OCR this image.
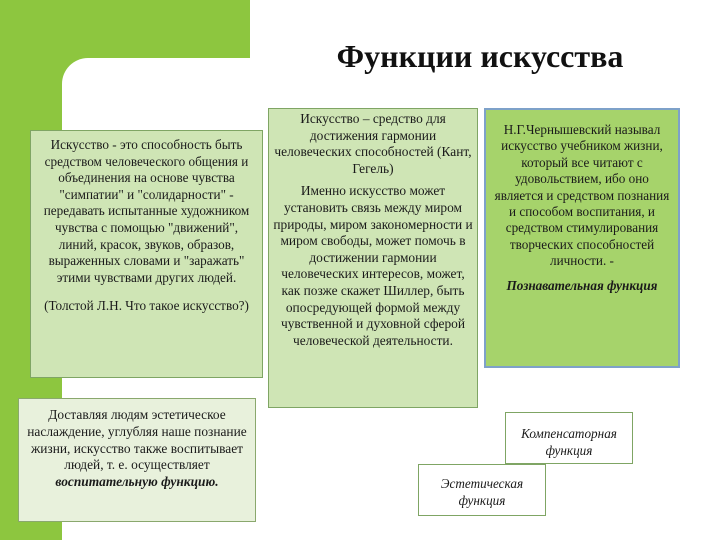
Функции искусства

Искусство - это способность быть средством человеческого общения и объединения на основе чувства "симпатии" и "солидарности" - передавать испытанные художником чувства с помощью "движений", линий, красок, звуков, образов, выраженных словами и "заражать" этими чувствами других людей.

(Толстой Л.Н. Что такое искусство?)

Искусство – средство для достижения гармонии человеческих способностей (Кант, Гегель)

Именно искусство может установить связь между миром природы, миром закономерности и миром свободы, может помочь в достижении гармонии человеческих интересов, может, как позже скажет Шиллер, быть опосредующей формой между чувственной и духовной сферой человеческой деятельности.

Н.Г.Чернышевский называл искусство учебником жизни, который все читают с удовольствием, ибо оно является и средством познания и способом воспитания, и средством стимулирования творческих способностей личности. -

Познавательная функция

Доставляя людям эстетическое наслаждение, углубляя наше познание жизни, искусство также воспитывает людей, т. е. осуществляет воспитательную функцию.

Компенсаторная функция

Эстетическая функция
